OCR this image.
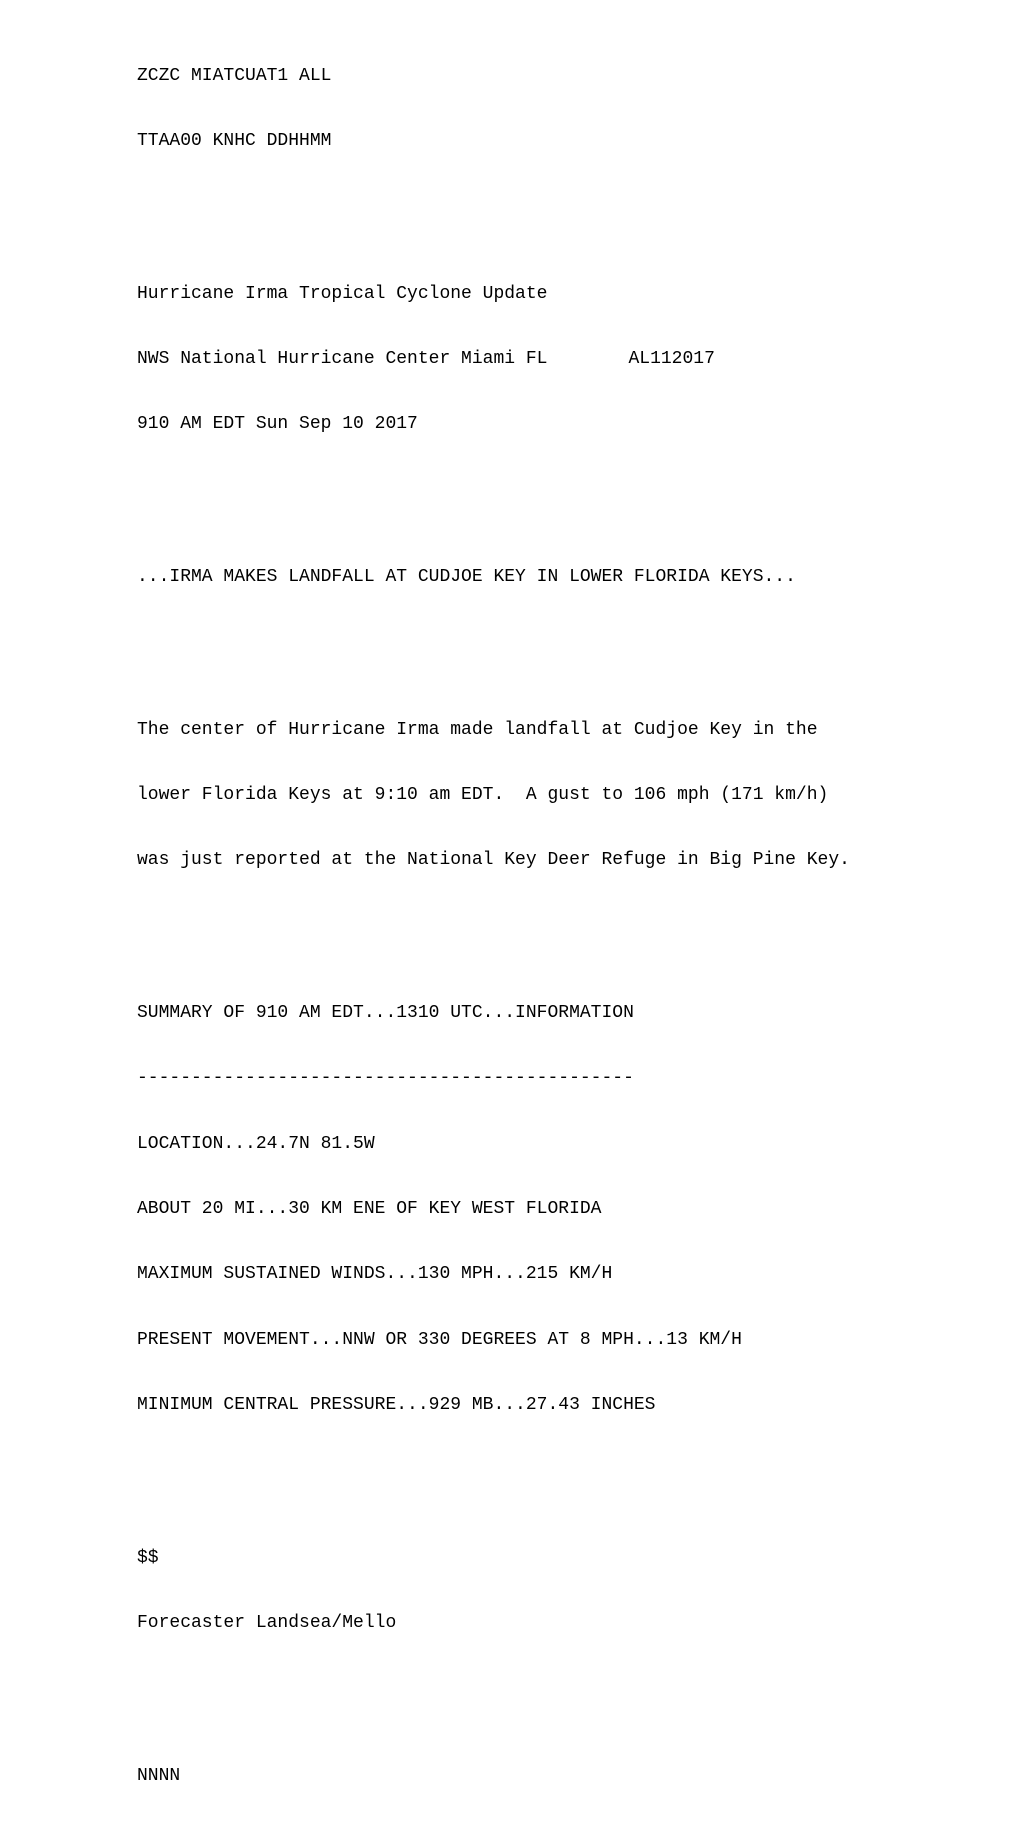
ZCZC MIATCUAT1 ALL

TTAA00 KNHC DDHHMM

Hurricane Irma Tropical Cyclone Update

NWS National Hurricane Center Miami FL	AL112017

910 AM EDT Sun Sep 10 2017

...IRMA MAKES LANDFALL AT CUDJOE KEY IN LOWER FLORIDA KEYS...

The center of Hurricane Irma made landfall at Cudjoe Key in the

lower Florida Keys at 9:10 am EDT.  A gust to 106 mph (171 km/h)

was just reported at the National Key Deer Refuge in Big Pine Key.

SUMMARY OF 910 AM EDT...1310 UTC...INFORMATION

----------------------------------------------

LOCATION...24.7N 81.5W

ABOUT 20 MI...30 KM ENE OF KEY WEST FLORIDA

MAXIMUM SUSTAINED WINDS...130 MPH...215 KM/H

PRESENT MOVEMENT...NNW OR 330 DEGREES AT 8 MPH...13 KM/H

MINIMUM CENTRAL PRESSURE...929 MB...27.43 INCHES

$$

Forecaster Landsea/Mello

NNNN
